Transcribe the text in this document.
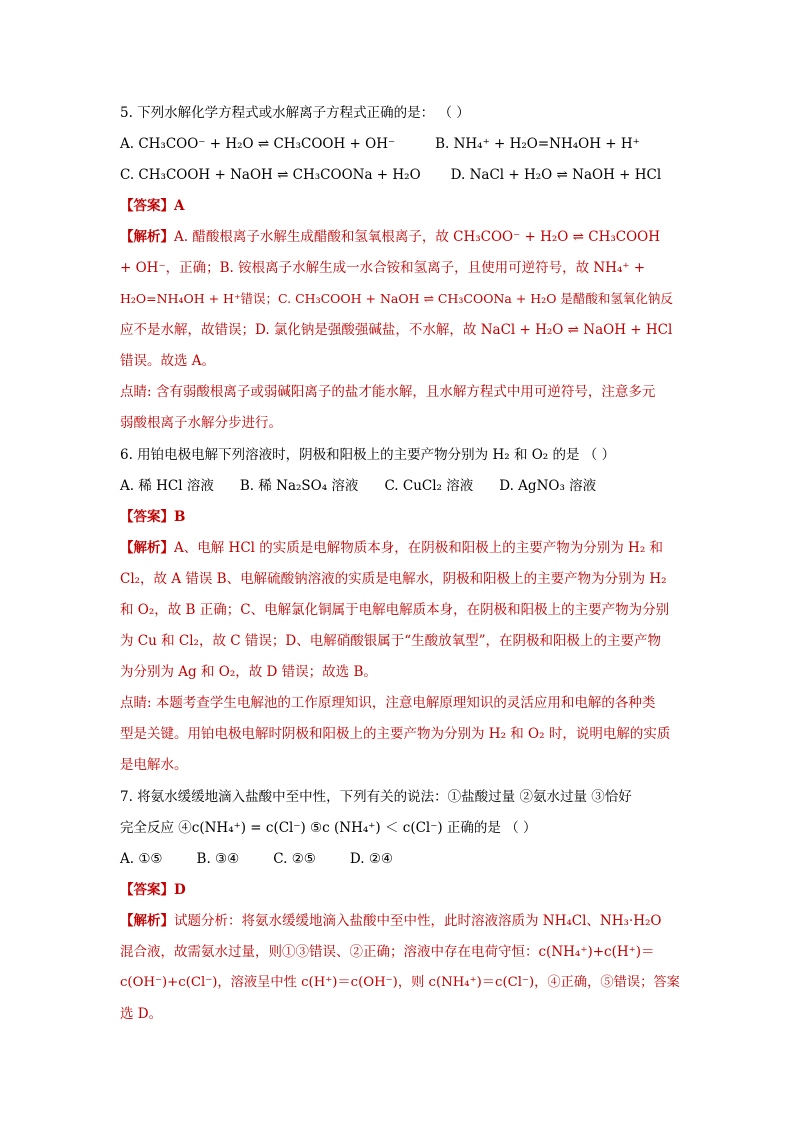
5. 下列水解化学方程式或水解离子方程式正确的是： （ ）
A. CH₃COO⁻ + H₂O ⇌ CH₃COOH + OH⁻	B. NH₄⁺ + H₂O=NH₄OH + H⁺
C. CH₃COOH + NaOH ⇌ CH₃COONa + H₂O D. NaCl + H₂O ⇌ NaOH + HCl
【答案】A
【解析】A. 醋酸根离子水解生成醋酸和氢氧根离子，故 CH₃COO⁻ + H₂O ⇌ CH₃COOH
+ OH⁻，正确；B. 铵根离子水解生成一水合铵和氢离子，且使用可逆符号，故 NH₄⁺ +
H₂O=NH₄OH + H⁺错误；C. CH₃COOH + NaOH ⇌ CH₃COONa + H₂O 是醋酸和氢氧化钠反
应不是水解，故错误；D. 氯化钠是强酸强碱盐，不水解，故 NaCl + H₂O ⇌ NaOH + HCl
错误。故选 A。
点睛: 含有弱酸根离子或弱碱阳离子的盐才能水解，且水解方程式中用可逆符号，注意多元
弱酸根离子水解分步进行。
6. 用铂电极电解下列溶液时，阴极和阳极上的主要产物分别为 H₂ 和 O₂ 的是 （ ）
A. 稀 HCl 溶液 B. 稀 Na₂SO₄ 溶液 C. CuCl₂ 溶液 D. AgNO₃ 溶液
【答案】B
【解析】A、电解 HCl 的实质是电解物质本身，在阴极和阳极上的主要产物为分别为 H₂ 和
Cl₂，故 A 错误 B、电解硫酸钠溶液的实质是电解水，阴极和阳极上的主要产物为分别为 H₂
和 O₂，故 B 正确；C、电解氯化铜属于电解电解质本身，在阴极和阳极上的主要产物为分别
为 Cu 和 Cl₂，故 C 错误；D、电解硝酸银属于“生酸放氧型”，在阴极和阳极上的主要产物
为分别为 Ag 和 O₂，故 D 错误；故选 B。
点睛: 本题考查学生电解池的工作原理知识，注意电解原理知识的灵活应用和电解的各种类
型是关键。用铂电极电解时阴极和阳极上的主要产物为分别为 H₂ 和 O₂ 时，说明电解的实质
是电解水。
7. 将氨水缓缓地滴入盐酸中至中性，下列有关的说法：①盐酸过量 ②氨水过量 ③恰好
完全反应 ④c(NH₄⁺) = c(Cl⁻) ⑤c (NH₄⁺) ＜ c(Cl⁻) 正确的是 （ ）
A. ①⑤	B. ③④	C. ②⑤	D. ②④
【答案】D
【解析】试题分析：将氨水缓缓地滴入盐酸中至中性，此时溶液溶质为 NH₄Cl、NH₃·H₂O
混合液，故需氨水过量，则①③错误、②正确；溶液中存在电荷守恒：c(NH₄⁺)+c(H⁺)＝
c(OH⁻)+c(Cl⁻)，溶液呈中性 c(H⁺)＝c(OH⁻)，则 c(NH₄⁺)＝c(Cl⁻)，④正确，⑤错误；答案
选 D。
